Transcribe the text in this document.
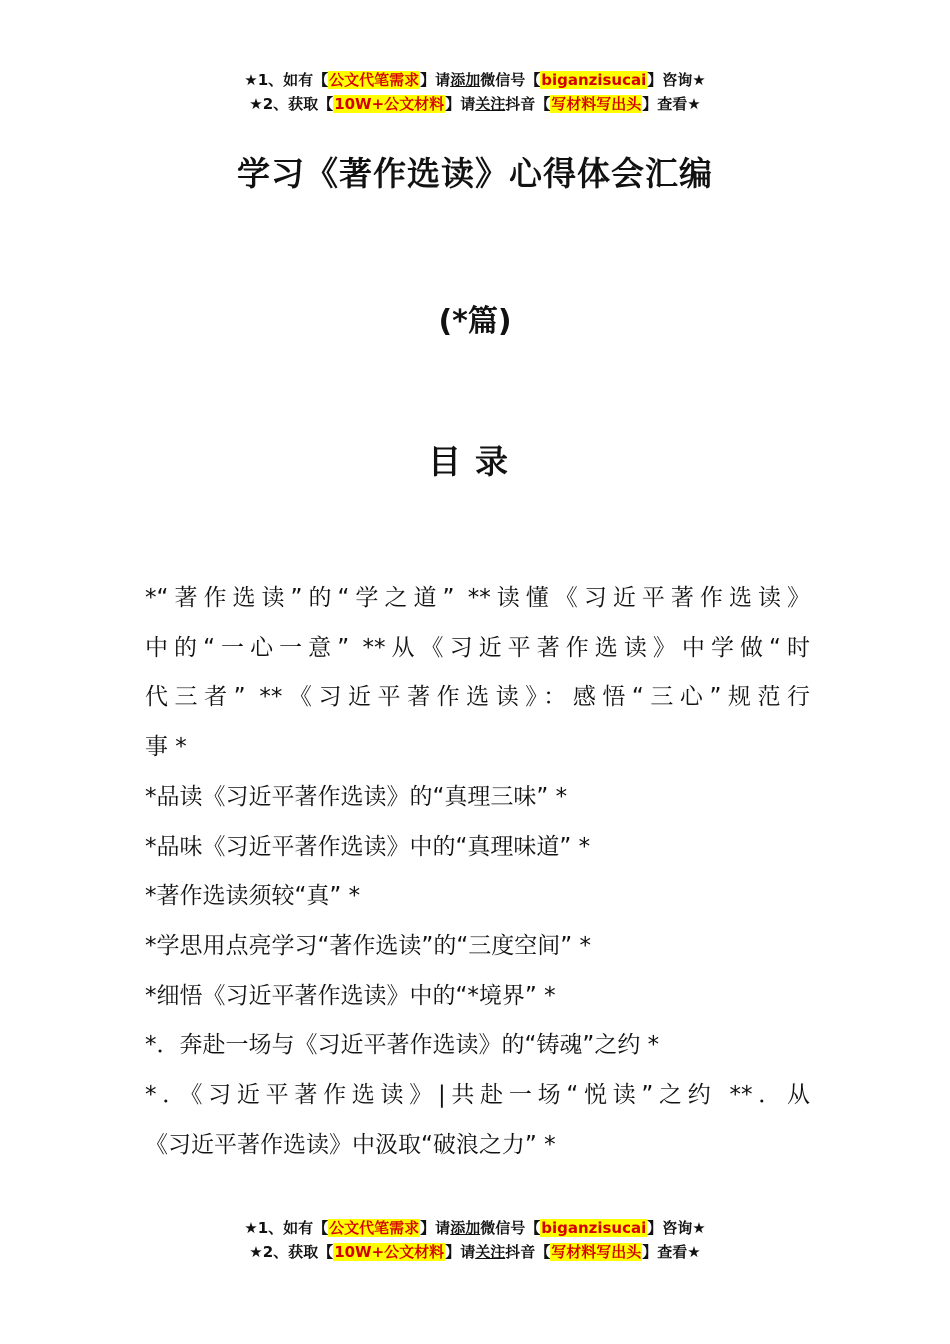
★1、如有【公文代笔需求】请添加微信号【biganzisucai】咨询★
★2、获取【10W+公文材料】请关注抖音【写材料写出头】查看★
学习《著作选读》心得体会汇编
(*篇)
目录
*“著作选读”的“学之道” **读懂《习近平著作选读》
中的“一心一意” **从《习近平著作选读》中学做“时
代三者” **《习近平著作选读》：感悟“三心”规范行
事 *
*品读《习近平著作选读》的“真理三味” *
*品味《习近平著作选读》中的“真理味道” *
*著作选读须较“真” *
*学思用点亮学习“著作选读”的“三度空间” *
*细悟《习近平著作选读》中的“*境界” *
*．奔赴一场与《习近平著作选读》的“铸魂”之约 *
*．《习近平著作选读》|共赴一场“悦读”之约 **．从
《习近平著作选读》中汲取“破浪之力” *
★1、如有【公文代笔需求】请添加微信号【biganzisucai】咨询★
★2、获取【10W+公文材料】请关注抖音【写材料写出头】查看★
